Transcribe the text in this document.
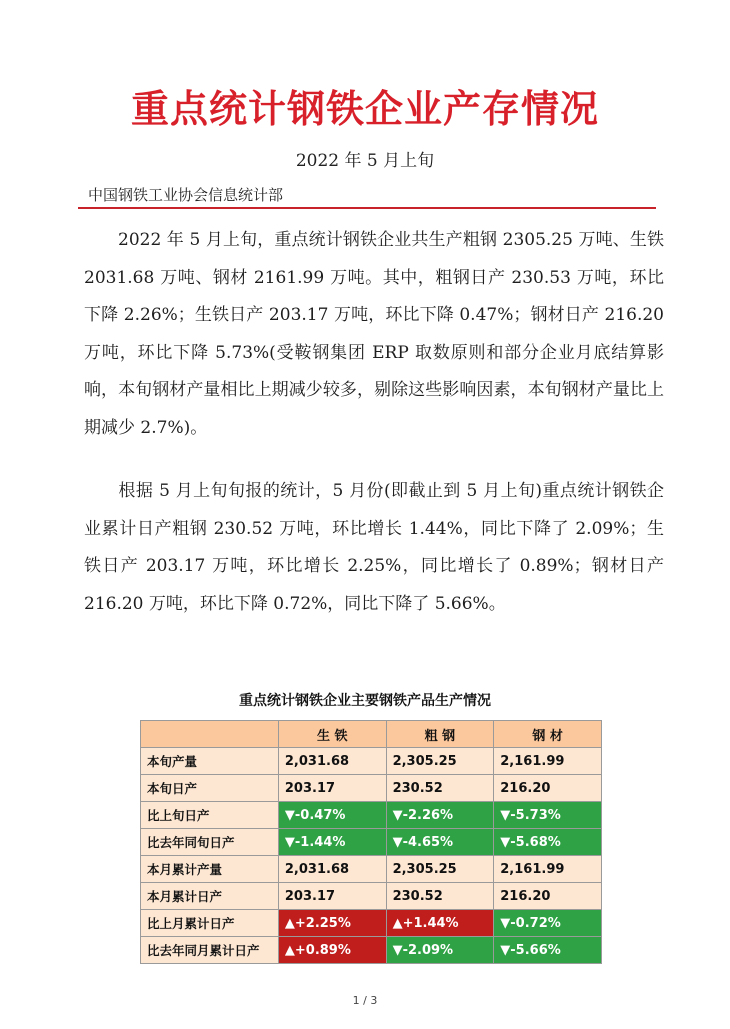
重点统计钢铁企业产存情况
2022 年 5 月上旬
中国钢铁工业协会信息统计部
2022 年 5 月上旬，重点统计钢铁企业共生产粗钢 2305.25 万吨、生铁 2031.68 万吨、钢材 2161.99 万吨。其中，粗钢日产 230.53 万吨，环比下降 2.26%；生铁日产 203.17 万吨，环比下降 0.47%；钢材日产 216.20 万吨，环比下降 5.73%(受鞍钢集团 ERP 取数原则和部分企业月底结算影响，本旬钢材产量相比上期减少较多，剔除这些影响因素，本旬钢材产量比上期减少 2.7%)。
根据 5 月上旬旬报的统计，5 月份(即截止到 5 月上旬)重点统计钢铁企业累计日产粗钢 230.52 万吨，环比增长 1.44%，同比下降了 2.09%；生铁日产 203.17 万吨，环比增长 2.25%，同比增长了 0.89%；钢材日产 216.20 万吨，环比下降 0.72%，同比下降了 5.66%。
重点统计钢铁企业主要钢铁产品生产情况
	生 铁	粗 钢	钢 材
本旬产量	2,031.68	2,305.25	2,161.99
本旬日产	203.17	230.52	216.20
比上旬日产	▼-0.47%	▼-2.26%	▼-5.73%
比去年同旬日产	▼-1.44%	▼-4.65%	▼-5.68%
本月累计产量	2,031.68	2,305.25	2,161.99
本月累计日产	203.17	230.52	216.20
比上月累计日产	▲+2.25%	▲+1.44%	▼-0.72%
比去年同月累计日产	▲+0.89%	▼-2.09%	▼-5.66%
1 / 3
